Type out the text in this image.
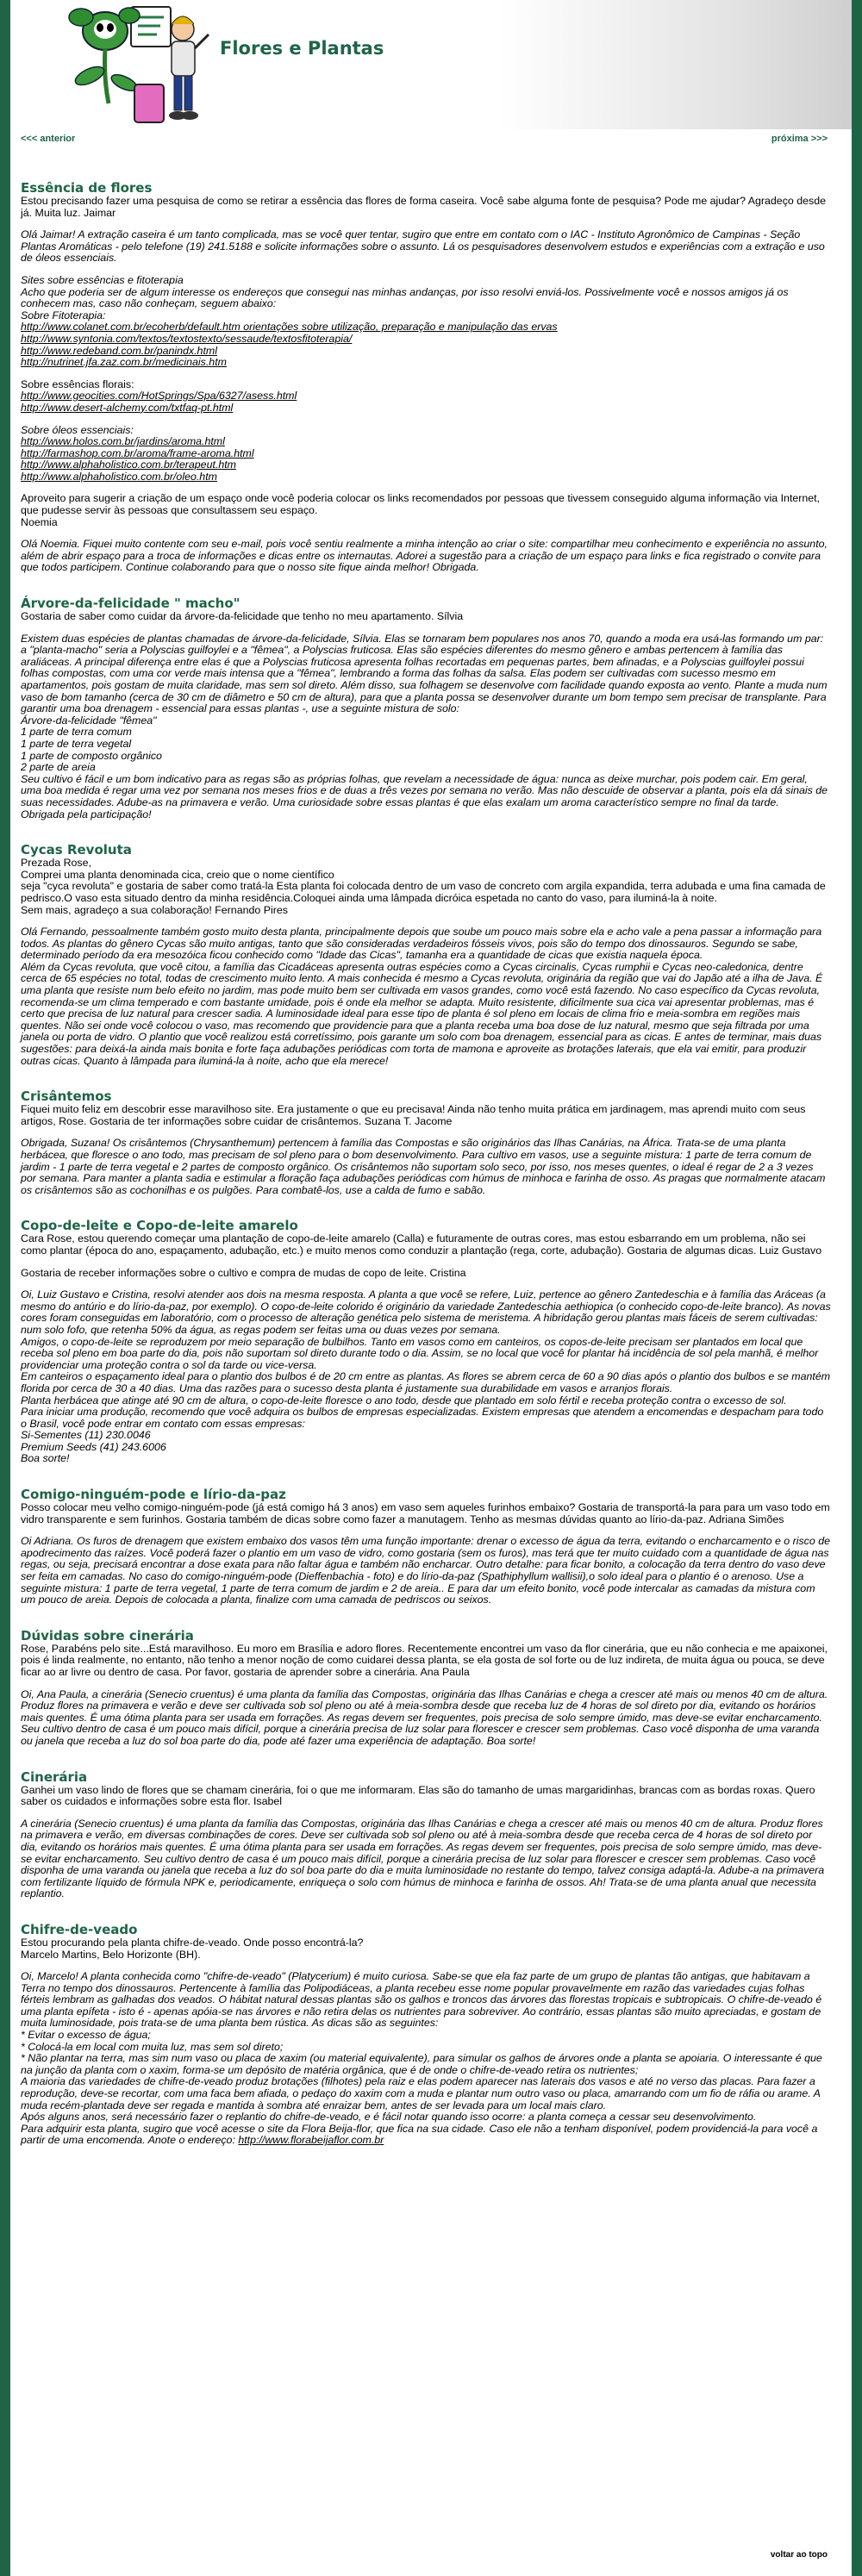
Flores e Plantas
<<< anterior	próxima >>>
Essência de flores

Estou precisando fazer uma pesquisa de como se retirar a essência das flores de forma caseira. Você sabe alguma fonte de pesquisa? Pode me ajudar? Agradeço desde já. Muita luz. Jaimar

Olá Jaimar! A extração caseira é um tanto complicada, mas se você quer tentar, sugiro que entre em contato com o IAC - Instituto Agronômico de Campinas - Seção Plantas Aromáticas - pelo telefone (19) 241.5188 e solicite informações sobre o assunto. Lá os pesquisadores desenvolvem estudos e experiências com a extração e uso de óleos essenciais.

Sites sobre essências e fitoterapia
Acho que poderia ser de algum interesse os endereços que consegui nas minhas andanças, por isso resolvi enviá-los. Possivelmente você e nossos amigos já os conhecem mas, caso não conheçam, seguem abaixo:
Sobre Fitoterapia:

http://www.colanet.com.br/ecoherb/default.htm orientações sobre utilização, preparação e manipulação das ervas
http://www.syntonia.com/textos/textostexto/sessaude/textosfitoterapia/
http://www.redeband.com.br/panindx.html
http://nutrinet.jfa.zaz.com.br/medicinais.htm

Sobre essências florais:

http://www.geocities.com/HotSprings/Spa/6327/asess.html
http://www.desert-alchemy.com/txtfaq-pt.html

Sobre óleos essenciais:

http://www.holos.com.br/jardins/aroma.html
http://farmashop.com.br/aroma/frame-aroma.html
http://www.alphaholistico.com.br/terapeut.htm
http://www.alphaholistico.com.br/oleo.htm

Aproveito para sugerir a criação de um espaço onde você poderia colocar os links recomendados por pessoas que tivessem conseguido alguma informação via Internet, que pudesse servir às pessoas que consultassem seu espaço.
Noemia

Olá Noemia. Fiquei muito contente com seu e-mail, pois você sentiu realmente a minha intenção ao criar o site: compartilhar meu conhecimento e experiência no assunto, além de abrir espaço para a troca de informações e dicas entre os internautas. Adorei a sugestão para a criação de um espaço para links e fica registrado o convite para que todos participem. Continue colaborando para que o nosso site fique ainda melhor! Obrigada.

Árvore-da-felicidade " macho"

Gostaria de saber como cuidar da árvore-da-felicidade que tenho no meu apartamento. Sílvia

Existem duas espécies de plantas chamadas de árvore-da-felicidade, Sílvia. Elas se tornaram bem populares nos anos 70, quando a moda era usá-las formando um par: a "planta-macho" seria a Polyscias guilfoylei e a "fêmea", a Polyscias fruticosa. Elas são espécies diferentes do mesmo gênero e ambas pertencem à família das araliáceas. A principal diferença entre elas é que a Polyscias fruticosa apresenta folhas recortadas em pequenas partes, bem afinadas, e a Polyscias guilfoylei possui folhas compostas, com uma cor verde mais intensa que a "fêmea", lembrando a forma das folhas da salsa. Elas podem ser cultivadas com sucesso mesmo em apartamentos, pois gostam de muita claridade, mas sem sol direto. Além disso, sua folhagem se desenvolve com facilidade quando exposta ao vento. Plante a muda num vaso de bom tamanho (cerca de 30 cm de diâmetro e 50 cm de altura), para que a planta possa se desenvolver durante um bom tempo sem precisar de transplante. Para garantir uma boa drenagem - essencial para essas plantas -, use a seguinte mistura de solo:
Árvore-da-felicidade "fêmea"
1 parte de terra comum
1 parte de terra vegetal
1 parte de composto orgânico
2 parte de areia
Seu cultivo é fácil e um bom indicativo para as regas são as próprias folhas, que revelam a necessidade de água: nunca as deixe murchar, pois podem cair. Em geral, uma boa medida é regar uma vez por semana nos meses frios e de duas a três vezes por semana no verão. Mas não descuide de observar a planta, pois ela dá sinais de suas necessidades. Adube-as na primavera e verão. Uma curiosidade sobre essas plantas é que elas exalam um aroma característico sempre no final da tarde.
Obrigada pela participação!

Cycas Revoluta

Prezada Rose,
Comprei uma planta denominada cica, creio que o nome científico
seja "cyca revoluta" e gostaria de saber como tratá-la Esta planta foi colocada dentro de um vaso de concreto com argila expandida, terra adubada e uma fina camada de pedrisco.O vaso esta situado dentro da minha residência.Coloquei ainda uma lâmpada dicróica espetada no canto do vaso, para iluminá-la à noite.
Sem mais, agradeço a sua colaboração! Fernando Pires

Olá Fernando, pessoalmente também gosto muito desta planta, principalmente depois que soube um pouco mais sobre ela e acho vale a pena passar a informação para todos. As plantas do gênero Cycas são muito antigas, tanto que são consideradas verdadeiros fósseis vivos, pois são do tempo dos dinossauros. Segundo se sabe, determinado período da era mesozóica ficou conhecido como "Idade das Cicas", tamanha era a quantidade de cicas que existia naquela época.
Além da Cycas revoluta, que você citou, a família das Cicadáceas apresenta outras espécies como a Cycas circinalis, Cycas rumphii e Cycas neo-caledonica, dentre cerca de 65 espécies no total, todas de crescimento muito lento. A mais conhecida é mesmo a Cycas revoluta, originária da região que vai do Japão até a ilha de Java. É uma planta que resiste num belo efeito no jardim, mas pode muito bem ser cultivada em vasos grandes, como você está fazendo. No caso específico da Cycas revoluta, recomenda-se um clima temperado e com bastante umidade, pois é onde ela melhor se adapta. Muito resistente, dificilmente sua cica vai apresentar problemas, mas é certo que precisa de luz natural para crescer sadia. A luminosidade ideal para esse tipo de planta é sol pleno em locais de clima frio e meia-sombra em regiões mais quentes. Não sei onde você colocou o vaso, mas recomendo que providencie para que a planta receba uma boa dose de luz natural, mesmo que seja filtrada por uma janela ou porta de vidro. O plantio que você realizou está corretíssimo, pois garante um solo com boa drenagem, essencial para as cicas. E antes de terminar, mais duas sugestões: para deixá-la ainda mais bonita e forte faça adubações periódicas com torta de mamona e aproveite as brotações laterais, que ela vai emitir, para produzir outras cicas. Quanto à lâmpada para iluminá-la à noite, acho que ela merece!

Crisântemos

Fiquei muito feliz em descobrir esse maravilhoso site. Era justamente o que eu precisava! Ainda não tenho muita prática em jardinagem, mas aprendi muito com seus artigos, Rose. Gostaria de ter informações sobre cuidar de crisântemos. Suzana T. Jacome

Obrigada, Suzana! Os crisântemos (Chrysanthemum) pertencem à família das Compostas e são originários das Ilhas Canárias, na África. Trata-se de uma planta herbácea, que floresce o ano todo, mas precisam de sol pleno para o bom desenvolvimento. Para cultivo em vasos, use a seguinte mistura: 1 parte de terra comum de jardim - 1 parte de terra vegetal e 2 partes de composto orgânico. Os crisântemos não suportam solo seco, por isso, nos meses quentes, o ideal é regar de 2 a 3 vezes por semana. Para manter a planta sadia e estimular a floração faça adubações periódicas com húmus de minhoca e farinha de osso. As pragas que normalmente atacam os crisântemos são as cochonilhas e os pulgões. Para combatê-los, use a calda de fumo e sabão.

Copo-de-leite e Copo-de-leite amarelo

Cara Rose, estou querendo começar uma plantação de copo-de-leite amarelo (Calla) e futuramente de outras cores, mas estou esbarrando em um problema, não sei como plantar (época do ano, espaçamento, adubação, etc.) e muito menos como conduzir a plantação (rega, corte, adubação). Gostaria de algumas dicas. Luiz Gustavo

Gostaria de receber informações sobre o cultivo e compra de mudas de copo de leite. Cristina

Oi, Luiz Gustavo e Cristina, resolvi atender aos dois na mesma resposta. A planta a que você se refere, Luiz, pertence ao gênero Zantedeschia e à família das Aráceas (a mesmo do antúrio e do lírio-da-paz, por exemplo). O copo-de-leite colorido é originário da variedade Zantedeschia aethiopica (o conhecido copo-de-leite branco). As novas cores foram conseguidas em laboratório, com o processo de alteração genética pelo sistema de meristema. A hibridação gerou plantas mais fáceis de serem cultivadas: num solo fofo, que retenha 50% da água, as regas podem ser feitas uma ou duas vezes por semana.
Amigos, o copo-de-leite se reproduzem por meio separação de bulbilhos. Tanto em vasos como em canteiros, os copos-de-leite precisam ser plantados em local que receba sol pleno em boa parte do dia, pois não suportam sol direto durante todo o dia. Assim, se no local que você for plantar há incidência de sol pela manhã, é melhor providenciar uma proteção contra o sol da tarde ou vice-versa.
Em canteiros o espaçamento ideal para o plantio dos bulbos é de 20 cm entre as plantas. As flores se abrem cerca de 60 a 90 dias após o plantio dos bulbos e se mantém florida por cerca de 30 a 40 dias. Uma das razões para o sucesso desta planta é justamente sua durabilidade em vasos e arranjos florais.
Planta herbácea que atinge até 90 cm de altura, o copo-de-leite floresce o ano todo, desde que plantado em solo fértil e receba proteção contra o excesso de sol.
Para iniciar uma produção, recomendo que você adquira os bulbos de empresas especializadas. Existem empresas que atendem a encomendas e despacham para todo o Brasil, você pode entrar em contato com essas empresas:
Si-Sementes (11) 230.0046
Premium Seeds (41) 243.6006
Boa sorte!

Comigo-ninguém-pode e lírio-da-paz

Posso colocar meu velho comigo-ninguém-pode (já está comigo há 3 anos) em vaso sem aqueles furinhos embaixo? Gostaria de transportá-la para para um vaso todo em vidro transparente e sem furinhos. Gostaria também de dicas sobre como fazer a manutagem. Tenho as mesmas dúvidas quanto ao lírio-da-paz. Adriana Simões

Oi Adriana. Os furos de drenagem que existem embaixo dos vasos têm uma função importante: drenar o excesso de água da terra, evitando o encharcamento e o risco de apodrecimento das raízes. Você poderá fazer o plantio em um vaso de vidro, como gostaria (sem os furos), mas terá que ter muito cuidado com a quantidade de água nas regas, ou seja, precisará encontrar a dose exata para não faltar água e também não encharcar. Outro detalhe: para ficar bonito, a colocação da terra dentro do vaso deve ser feita em camadas. No caso do comigo-ninguém-pode (Dieffenbachia - foto) e do lírio-da-paz (Spathiphyllum wallisii),o solo ideal para o plantio é o arenoso. Use a seguinte mistura: 1 parte de terra vegetal, 1 parte de terra comum de jardim e 2 de areia.. E para dar um efeito bonito, você pode intercalar as camadas da mistura com um pouco de areia. Depois de colocada a planta, finalize com uma camada de pedriscos ou seixos.

Dúvidas sobre cinerária

Rose, Parabéns pelo site...Está maravilhoso. Eu moro em Brasília e adoro flores. Recentemente encontrei um vaso da flor cinerária, que eu não conhecia e me apaixonei, pois é linda realmente, no entanto, não tenho a menor noção de como cuidarei dessa planta, se ela gosta de sol forte ou de luz indireta, de muita água ou pouca, se deve ficar ao ar livre ou dentro de casa. Por favor, gostaria de aprender sobre a cinerária. Ana Paula

Oi, Ana Paula, a cinerária (Senecio cruentus) é uma planta da família das Compostas, originária das Ilhas Canárias e chega a crescer até mais ou menos 40 cm de altura. Produz flores na primavera e verão e deve ser cultivada sob sol pleno ou até à meia-sombra desde que receba luz de 4 horas de sol direto por dia, evitando os horários mais quentes. É uma ótima planta para ser usada em forrações. As regas devem ser frequentes, pois precisa de solo sempre úmido, mas deve-se evitar encharcamento. Seu cultivo dentro de casa é um pouco mais difícil, porque a cinerária precisa de luz solar para florescer e crescer sem problemas. Caso você disponha de uma varanda ou janela que receba a luz do sol boa parte do dia, pode até fazer uma experiência de adaptação. Boa sorte!

Cinerária

Ganhei um vaso lindo de flores que se chamam cinerária, foi o que me informaram. Elas são do tamanho de umas margaridinhas, brancas com as bordas roxas. Quero saber os cuidados e informações sobre esta flor. Isabel

A cinerária (Senecio cruentus) é uma planta da família das Compostas, originária das Ilhas Canárias e chega a crescer até mais ou menos 40 cm de altura. Produz flores na primavera e verão, em diversas combinações de cores. Deve ser cultivada sob sol pleno ou até à meia-sombra desde que receba cerca de 4 horas de sol direto por dia, evitando os horários mais quentes. É uma ótima planta para ser usada em forrações. As regas devem ser frequentes, pois precisa de solo sempre úmido, mas deve-se evitar encharcamento. Seu cultivo dentro de casa é um pouco mais difícil, porque a cinerária precisa de luz solar para florescer e crescer sem problemas. Caso você disponha de uma varanda ou janela que receba a luz do sol boa parte do dia e muita luminosidade no restante do tempo, talvez consiga adaptá-la. Adube-a na primavera com fertilizante líquido de fórmula NPK e, periodicamente, enriqueça o solo com húmus de minhoca e farinha de ossos. Ah! Trata-se de uma planta anual que necessita replantio.

Chifre-de-veado

Estou procurando pela planta chifre-de-veado. Onde posso encontrá-la?
Marcelo Martins, Belo Horizonte (BH).

Oi, Marcelo! A planta conhecida como "chifre-de-veado" (Platycerium) é muito curiosa. Sabe-se que ela faz parte de um grupo de plantas tão antigas, que habitavam a Terra no tempo dos dinossauros. Pertencente à família das Polipodiáceas, a planta recebeu esse nome popular provavelmente em razão das variedades cujas folhas férteis lembram as galhadas dos veados. O hábitat natural dessas plantas são os galhos e troncos das árvores das florestas tropicais e subtropicais. O chifre-de-veado é uma planta epífeta - isto é - apenas apóia-se nas árvores e não retira delas os nutrientes para sobreviver. Ao contrário, essas plantas são muito apreciadas, e gostam de muita luminosidade, pois trata-se de uma planta bem rústica. As dicas são as seguintes:
* Evitar o excesso de água;
* Colocá-la em local com muita luz, mas sem sol direto;
* Não plantar na terra, mas sim num vaso ou placa de xaxim (ou material equivalente), para simular os galhos de árvores onde a planta se apoiaria. O interessante é que na junção da planta com o xaxim, forma-se um depósito de matéria orgânica, que é de onde o chifre-de-veado retira os nutrientes;
A maioria das variedades de chifre-de-veado produz brotações (filhotes) pela raiz e elas podem aparecer nas laterais dos vasos e até no verso das placas. Para fazer a reprodução, deve-se recortar, com uma faca bem afiada, o pedaço do xaxim com a muda e plantar num outro vaso ou placa, amarrando com um fio de ráfia ou arame. A muda recém-plantada deve ser regada e mantida à sombra até enraizar bem, antes de ser levada para um local mais claro.
Após alguns anos, será necessário fazer o replantio do chifre-de-veado, e é fácil notar quando isso ocorre: a planta começa a cessar seu desenvolvimento.
Para adquirir esta planta, sugiro que você acesse o site da Flora Beija-flor, que fica na sua cidade. Caso ele não a tenham disponível, podem providenciá-la para você a partir de uma encomenda. Anote o endereço: http://www.florabeijaflor.com.br

voltar ao topo
